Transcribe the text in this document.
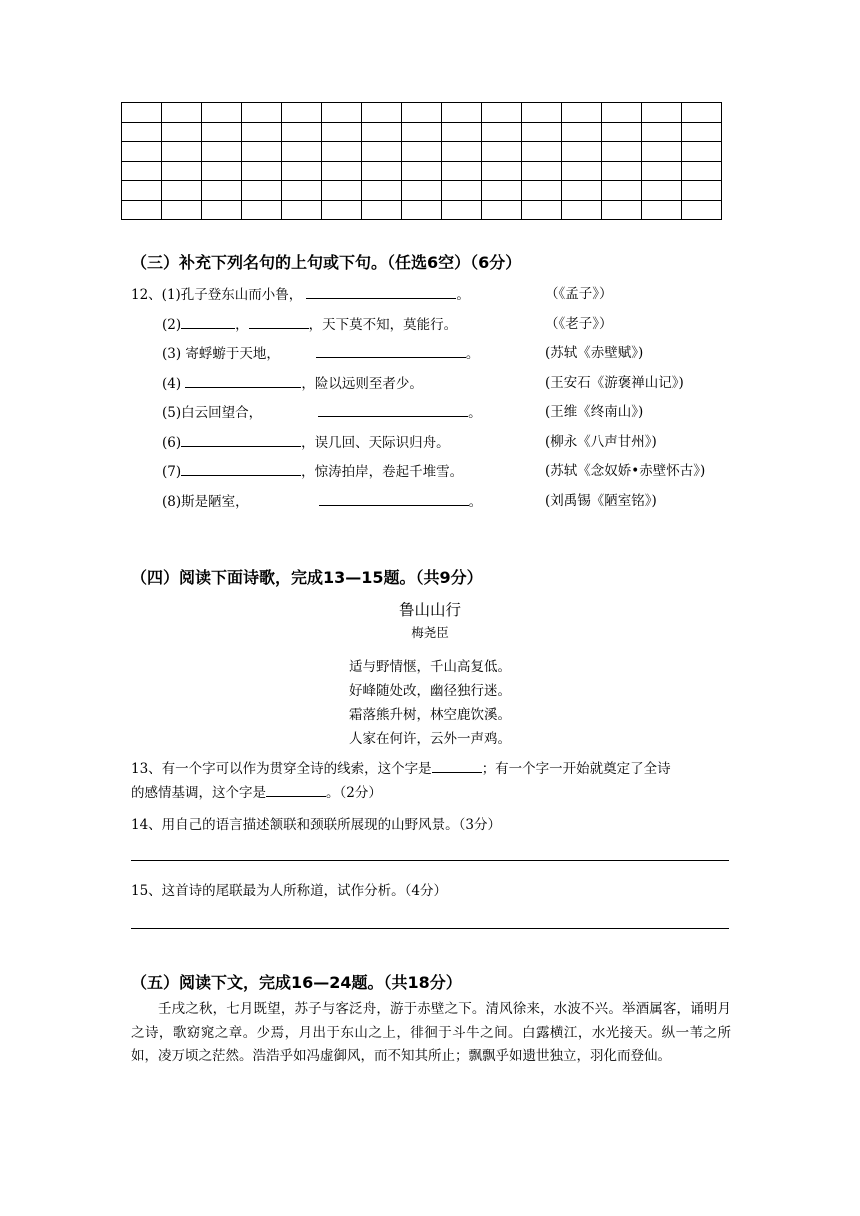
（三）补充下列名句的上句或下句。（任选6空）（6分）
12、(1)孔子登东山而小鲁，	。	（《孟子》）
(2)	，	，天下莫不知，莫能行。	（《老子》）
(3) 寄蜉蝣于天地，	。	(苏轼《赤壁赋》)
(4)	，险以远则至者少。	(王安石《游褒禅山记》)
(5)白云回望合，	。	(王维《终南山》)
(6)	，误几回、天际识归舟。	(柳永《八声甘州》)
(7)	，惊涛拍岸，卷起千堆雪。	(苏轼《念奴娇•赤壁怀古》)
(8)斯是陋室，	。	(刘禹锡《陋室铭》)
（四）阅读下面诗歌，完成13—15题。（共9分）
鲁山山行
梅尧臣
适与野情惬，千山高复低。
好峰随处改，幽径独行迷。
霜落熊升树，林空鹿饮溪。
人家在何许，云外一声鸡。
13、有一个字可以作为贯穿全诗的线索，这个字是	；有一个字一开始就奠定了全诗
的感情基调，这个字是	。（2分）
14、用自己的语言描述颔联和颈联所展现的山野风景。（3分）
15、这首诗的尾联最为人所称道，试作分析。（4分）
（五）阅读下文，完成16—24题。（共18分）
壬戌之秋，七月既望，苏子与客泛舟，游于赤壁之下。清风徐来，水波不兴。举酒属客，诵明月之诗，歌窈窕之章。少焉，月出于东山之上，徘徊于斗牛之间。白露横江，水光接天。纵一苇之所如，凌万顷之茫然。浩浩乎如冯虚御风，而不知其所止；飘飘乎如遗世独立，羽化而登仙。
